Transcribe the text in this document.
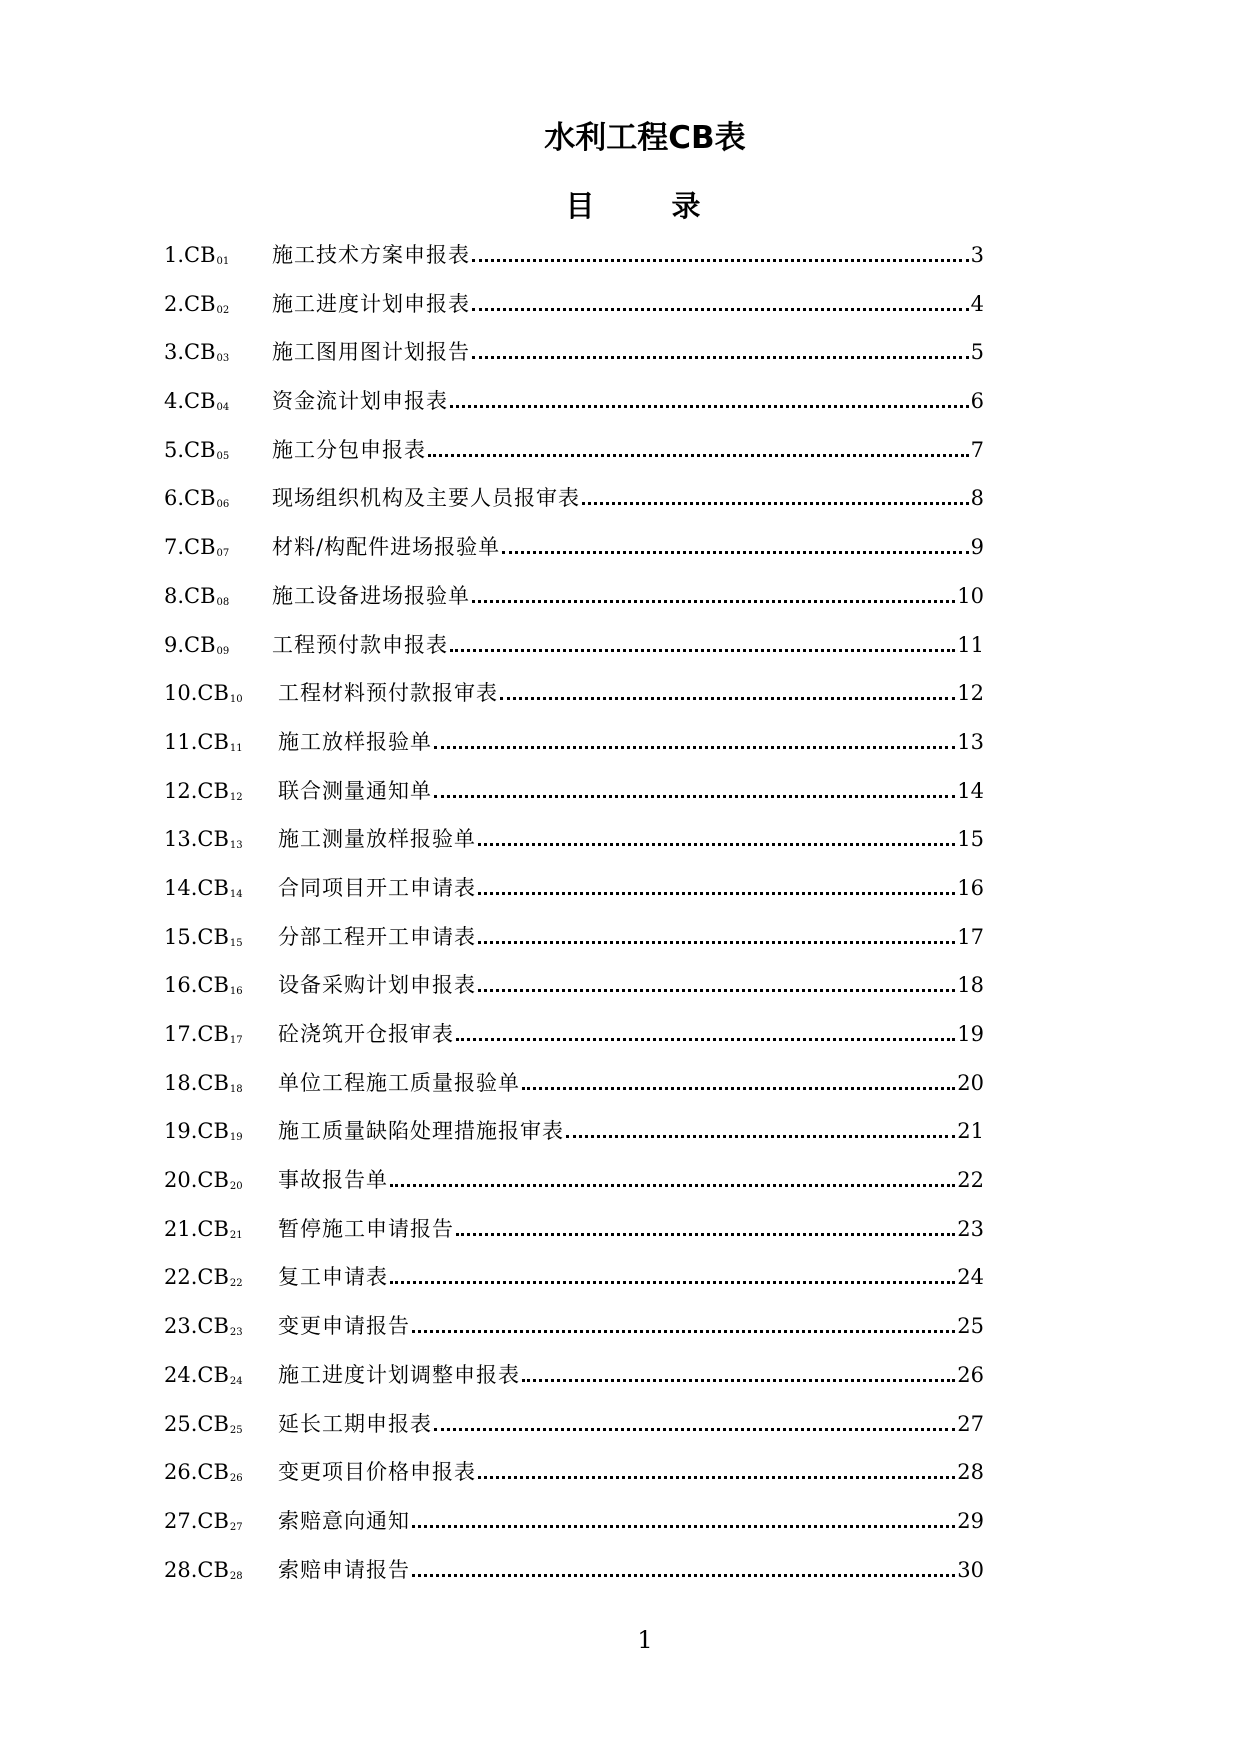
水利工程CB表
目　录
$1.CB_{01}$ 施工技术方案申报表	3
$2.CB_{02}$ 施工进度计划申报表	4
$3.CB_{03}$ 施工图用图计划报告	5
$4.CB_{04}$ 资金流计划申报表	6
$5.CB_{05}$ 施工分包申报表	7
$6.CB_{06}$ 现场组织机构及主要人员报审表	8
$7.CB_{07}$ 材料/构配件进场报验单	9
$8.CB_{08}$ 施工设备进场报验单	10
$9.CB_{09}$ 工程预付款申报表	11
$10.CB_{10}$ 工程材料预付款报审表	12
$11.CB_{11}$ 施工放样报验单	13
$12.CB_{12}$ 联合测量通知单	14
$13.CB_{13}$ 施工测量放样报验单	15
$14.CB_{14}$ 合同项目开工申请表	16
$15.CB_{15}$ 分部工程开工申请表	17
$16.CB_{16}$ 设备采购计划申报表	18
$17.CB_{17}$ 砼浇筑开仓报审表	19
$18.CB_{18}$ 单位工程施工质量报验单	20
$19.CB_{19}$ 施工质量缺陷处理措施报审表	21
$20.CB_{20}$ 事故报告单	22
$21.CB_{21}$ 暂停施工申请报告	23
$22.CB_{22}$ 复工申请表	24
$23.CB_{23}$ 变更申请报告	25
$24.CB_{24}$ 施工进度计划调整申报表	26
$25.CB_{25}$ 延长工期申报表	27
$26.CB_{26}$ 变更项目价格申报表	28
$27.CB_{27}$ 索赔意向通知	29
$28.CB_{28}$ 索赔申请报告	30
1
